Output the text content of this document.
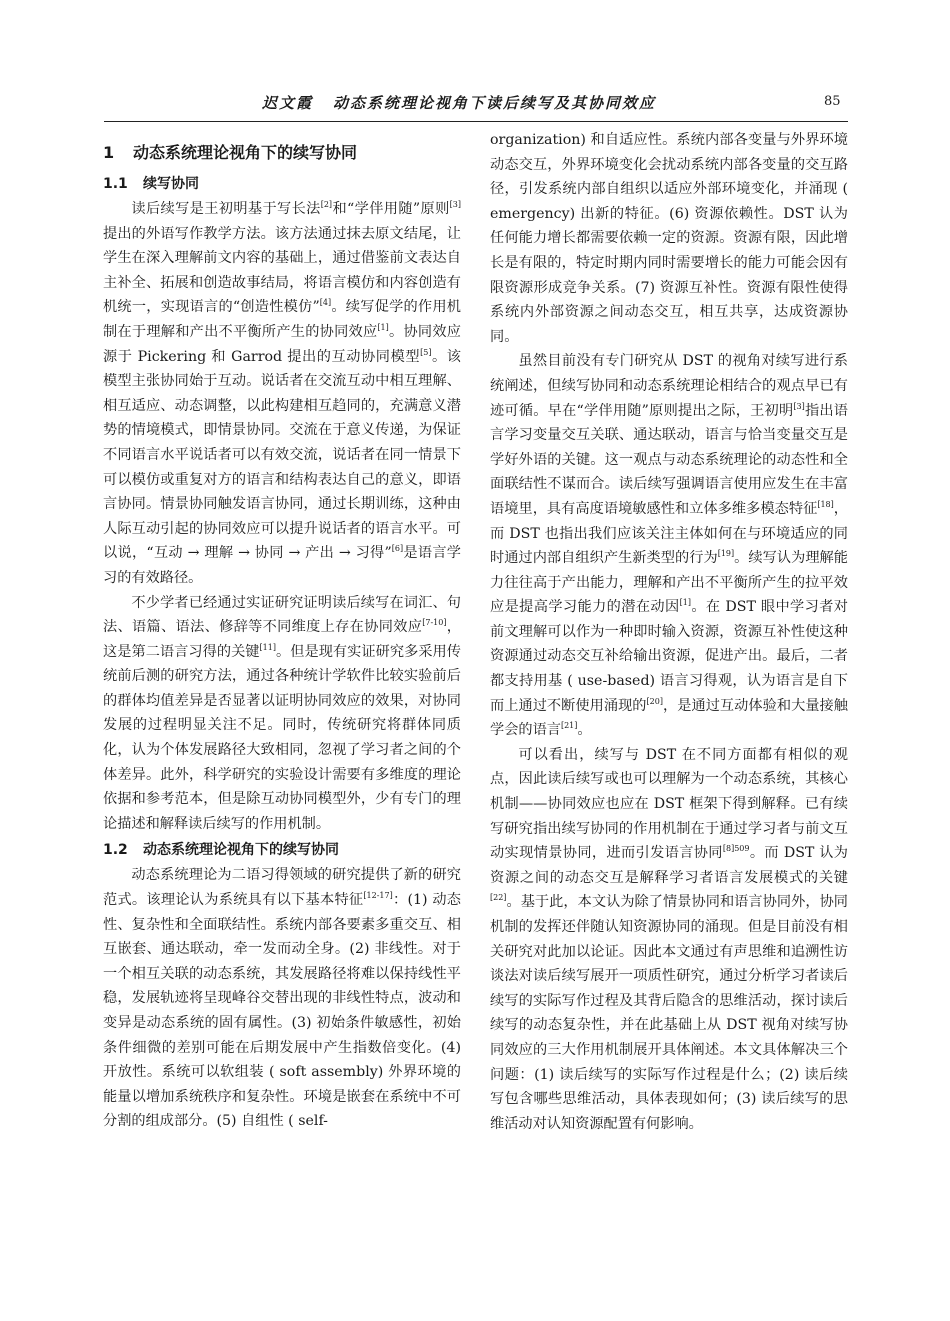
迟文霞 动态系统理论视角下读后续写及其协同效应	85
1 动态系统理论视角下的续写协同
1.1 续写协同

读后续写是王初明基于写长法[2]和“学伴用随”原则[3]提出的外语写作教学方法。该方法通过抹去原文结尾，让学生在深入理解前文内容的基础上，通过借鉴前文表达自主补全、拓展和创造故事结局，将语言模仿和内容创造有机统一，实现语言的“创造性模仿”[4]。续写促学的作用机制在于理解和产出不平衡所产生的协同效应[1]。协同效应源于 Pickering 和 Garrod 提出的互动协同模型[5]。该模型主张协同始于互动。说话者在交流互动中相互理解、相互适应、动态调整，以此构建相互趋同的，充满意义潜势的情境模式，即情景协同。交流在于意义传递，为保证不同语言水平说话者可以有效交流，说话者在同一情景下可以模仿或重复对方的语言和结构表达自己的意义，即语言协同。情景协同触发语言协同，通过长期训练，这种由人际互动引起的协同效应可以提升说话者的语言水平。可以说，“互动 → 理解 → 协同 → 产出 → 习得”[6]是语言学习的有效路径。

不少学者已经通过实证研究证明读后续写在词汇、句法、语篇、语法、修辞等不同维度上存在协同效应[7-10]，这是第二语言习得的关键[11]。但是现有实证研究多采用传统前后测的研究方法，通过各种统计学软件比较实验前后的群体均值差异是否显著以证明协同效应的效果，对协同发展的过程明显关注不足。同时，传统研究将群体同质化，认为个体发展路径大致相同，忽视了学习者之间的个体差异。此外，科学研究的实验设计需要有多维度的理论依据和参考范本，但是除互动协同模型外，少有专门的理论描述和解释读后续写的作用机制。

1.2 动态系统理论视角下的续写协同

动态系统理论为二语习得领域的研究提供了新的研究范式。该理论认为系统具有以下基本特征[12-17]：(1) 动态性、复杂性和全面联结性。系统内部各要素多重交互、相互嵌套、通达联动，牵一发而动全身。(2) 非线性。对于一个相互关联的动态系统，其发展路径将难以保持线性平稳，发展轨迹将呈现峰谷交替出现的非线性特点，波动和变异是动态系统的固有属性。(3) 初始条件敏感性，初始条件细微的差别可能在后期发展中产生指数倍变化。(4) 开放性。系统可以软组装 ( soft assembly) 外界环境的能量以增加系统秩序和复杂性。环境是嵌套在系统中不可分割的组成部分。(5) 自组性 ( self-

organization) 和自适应性。系统内部各变量与外界环境动态交互，外界环境变化会扰动系统内部各变量的交互路径，引发系统内部自组织以适应外部环境变化，并涌现 ( emergency) 出新的特征。(6) 资源依赖性。DST 认为任何能力增长都需要依赖一定的资源。资源有限，因此增长是有限的，特定时期内同时需要增长的能力可能会因有限资源形成竞争关系。(7) 资源互补性。资源有限性使得系统内外部资源之间动态交互，相互共享，达成资源协同。

虽然目前没有专门研究从 DST 的视角对续写进行系统阐述，但续写协同和动态系统理论相结合的观点早已有迹可循。早在“学伴用随”原则提出之际，王初明[3]指出语言学习变量交互关联、通达联动，语言与恰当变量交互是学好外语的关键。这一观点与动态系统理论的动态性和全面联结性不谋而合。读后续写强调语言使用应发生在丰富语境里，具有高度语境敏感性和立体多维多模态特征[18]，而 DST 也指出我们应该关注主体如何在与环境适应的同时通过内部自组织产生新类型的行为[19]。续写认为理解能力往往高于产出能力，理解和产出不平衡所产生的拉平效应是提高学习能力的潜在动因[1]。在 DST 眼中学习者对前文理解可以作为一种即时输入资源，资源互补性使这种资源通过动态交互补给输出资源，促进产出。最后，二者都支持用基 ( use-based) 语言习得观，认为语言是自下而上通过不断使用涌现的[20]，是通过互动体验和大量接触学会的语言[21]。

可以看出，续写与 DST 在不同方面都有相似的观点，因此读后续写或也可以理解为一个动态系统，其核心机制——协同效应也应在 DST 框架下得到解释。已有续写研究指出续写协同的作用机制在于通过学习者与前文互动实现情景协同，进而引发语言协同$^{[8]509}$。而 DST 认为资源之间的动态交互是解释学习者语言发展模式的关键[22]。基于此，本文认为除了情景协同和语言协同外，协同机制的发挥还伴随认知资源协同的涌现。但是目前没有相关研究对此加以论证。因此本文通过有声思维和追溯性访谈法对读后续写展开一项质性研究，通过分析学习者读后续写的实际写作过程及其背后隐含的思维活动，探讨读后续写的动态复杂性，并在此基础上从 DST 视角对续写协同效应的三大作用机制展开具体阐述。本文具体解决三个问题：(1) 读后续写的实际写作过程是什么；(2) 读后续写包含哪些思维活动，具体表现如何；(3) 读后续写的思维活动对认知资源配置有何影响。
